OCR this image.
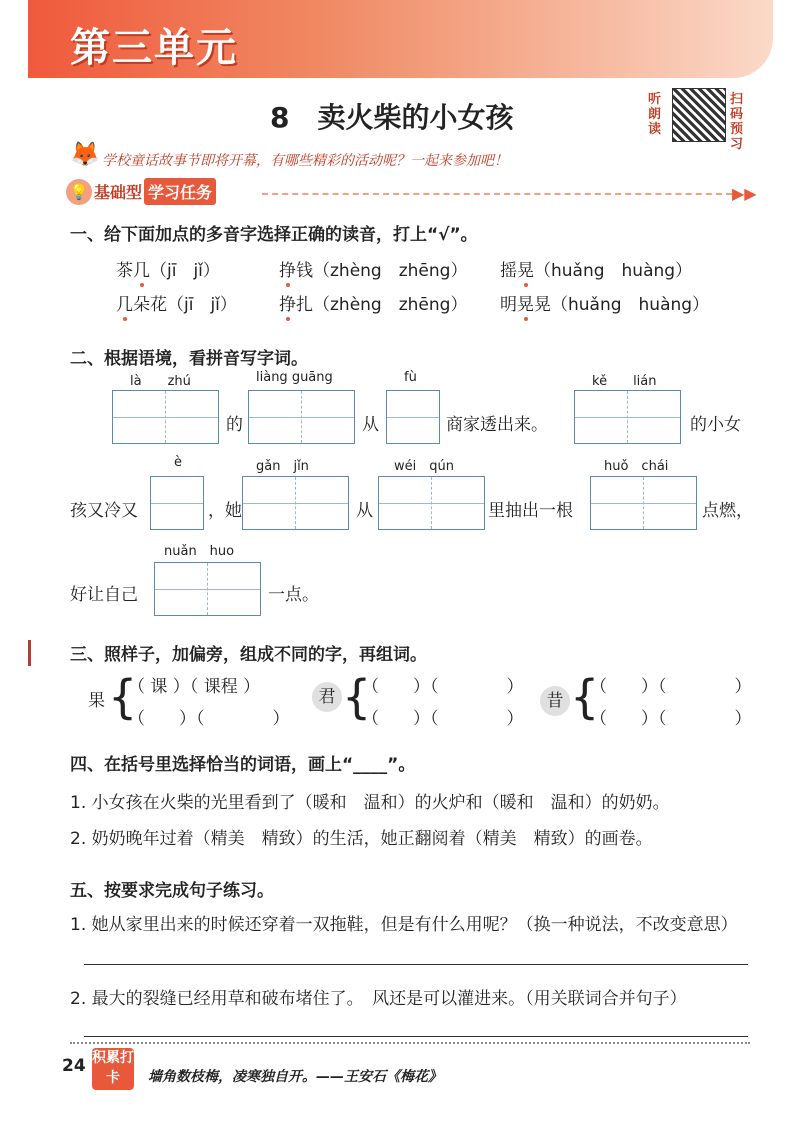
第三单元
8　卖火柴的小女孩
听朗读
扫码预习
🦊 学校童话故事节即将开幕，有哪些精彩的活动呢？一起来参加吧！
💡 基础型 学习任务	▶▶
一、给下面加点的多音字选择正确的读音，打上“√”。
茶几（jī　jǐ）	挣钱（zhèng　zhēng） 摇晃（huǎng　huàng）
几朵花（jī　jǐ） 挣扎（zhèng　zhēng） 明晃晃（huǎng　huàng）
二、根据语境，看拼音写字词。
là　　zhú
的
liàng guāng
从
fù
商家透出来。
kě　　lián
的小女
孩又冷又
è
，她
gǎn　jǐn
从
wéi　qún
里抽出一根
huǒ　chái
点燃，
好让自己
nuǎn　huo
一点。
三、照样子，加偏旁，组成不同的字，再组词。
果 {
（ 课 ）（ 课程 ）
（　　）（　　　　）
君 {
（　　）（　　　　）
（　　）（　　　　）
昔 {
（　　）（　　　　）
（　　）（　　　　）
四、在括号里选择恰当的词语，画上“____”。
1. 小女孩在火柴的光里看到了（暖和　温和）的火炉和（暖和　温和）的奶奶。
2. 奶奶晚年过着（精美　精致）的生活，她正翻阅着（精美　精致）的画卷。
五、按要求完成句子练习。
1. 她从家里出来的时候还穿着一双拖鞋，但是有什么用呢？（换一种说法，不改变意思）
2. 最大的裂缝已经用草和破布堵住了。　风还是可以灌进来。（用关联词合并句子）
24 积累打卡	墙角数枝梅，凌寒独自开。——王安石《梅花》
